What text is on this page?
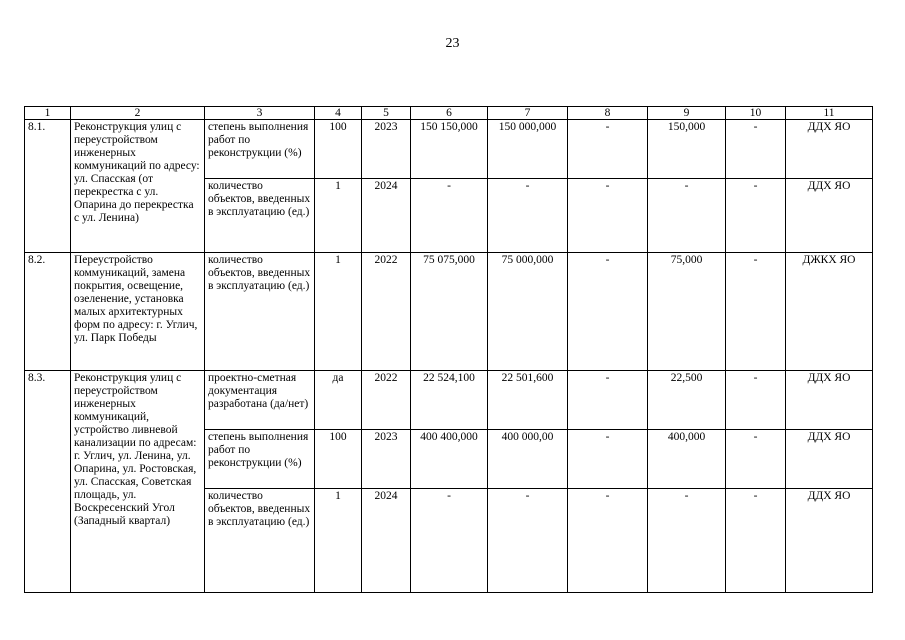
23
1	2	3	4	5	6	7	8	9	10	11
8.1.	Реконструкция улиц с переустройством инженерных коммуникаций по адресу: ул. Спасская (от перекрестка с ул. Опарина до перекрестка с ул. Ленина)	степень выполнения работ по реконструкции (%)	100	2023	150 150,000	150 000,000	-	150,000	-	ДДХ ЯО
		количество объектов, введенных в эксплуатацию (ед.)	1	2024	-	-	-	-	-	ДДХ ЯО
8.2.	Переустройство коммуникаций, замена покрытия, освещение, озеленение, установка малых архитектурных форм по адресу: г. Углич, ул. Парк Победы	количество объектов, введенных в эксплуатацию (ед.)	1	2022	75 075,000	75 000,000	-	75,000	-	ДЖКХ ЯО
8.3.	Реконструкция улиц с переустройством инженерных коммуникаций, устройство ливневой канализации по адресам: г. Углич, ул. Ленина, ул. Опарина, ул. Ростовская, ул. Спасская, Советская площадь, ул. Воскресенский Угол (Западный квартал)	проектно-сметная документация разработана (да/нет)	да	2022	22 524,100	22 501,600	-	22,500	-	ДДХ ЯО
		степень выполнения работ по реконструкции (%)	100	2023	400 400,000	400 000,00	-	400,000	-	ДДХ ЯО
		количество объектов, введенных в эксплуатацию (ед.)	1	2024	-	-	-	-	-	ДДХ ЯО
